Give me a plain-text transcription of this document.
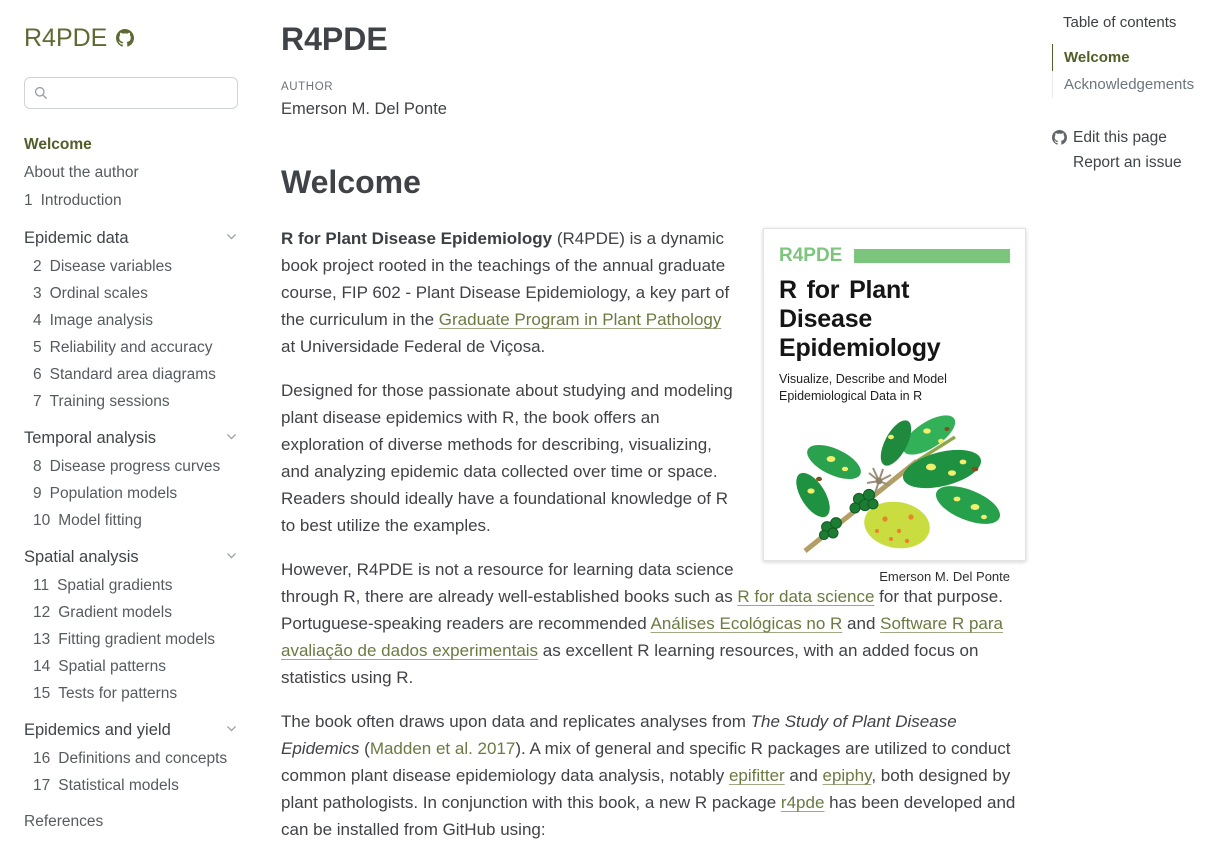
R4PDE
Welcome
About the author
1 Introduction
Epidemic data
2 Disease variables
3 Ordinal scales
4 Image analysis
5 Reliability and accuracy
6 Standard area diagrams
7 Training sessions
Temporal analysis
8 Disease progress curves
9 Population models
10 Model fitting
Spatial analysis
11 Spatial gradients
12 Gradient models
13 Fitting gradient models
14 Spatial patterns
15 Tests for patterns
Epidemics and yield
16 Definitions and concepts
17 Statistical models
References
R4PDE
AUTHOR
Emerson M. Del Ponte
Welcome
R4PDE
R for Plant Disease
Epidemiology
Visualize, Describe and Model
Epidemiological Data in R
Emerson M. Del Ponte

R for Plant Disease Epidemiology (R4PDE) is a dynamic book project rooted in the teachings of the annual graduate course, FIP 602 - Plant Disease Epidemiology, a key part of the curriculum in the Graduate Program in Plant Pathology at Universidade Federal de Viçosa.

Designed for those passionate about studying and modeling plant disease epidemics with R, the book offers an exploration of diverse methods for describing, visualizing, and analyzing epidemic data collected over time or space. Readers should ideally have a foundational knowledge of R to best utilize the examples.

However, R4PDE is not a resource for learning data science through R, there are already well-established books such as R for data science for that purpose. Portuguese-speaking readers are recommended Análises Ecológicas no R and Software R para avaliação de dados experimentais as excellent R learning resources, with an added focus on statistics using R.

The book often draws upon data and replicates analyses from The Study of Plant Disease Epidemics (Madden et al. 2017). A mix of general and specific R packages are utilized to conduct common plant disease epidemiology data analysis, notably epifitter and epiphy, both designed by plant pathologists. In conjunction with this book, a new R package r4pde has been developed and can be installed from GitHub using:

Table of contents
Welcome
Acknowledgements
Edit this page
Report an issue
